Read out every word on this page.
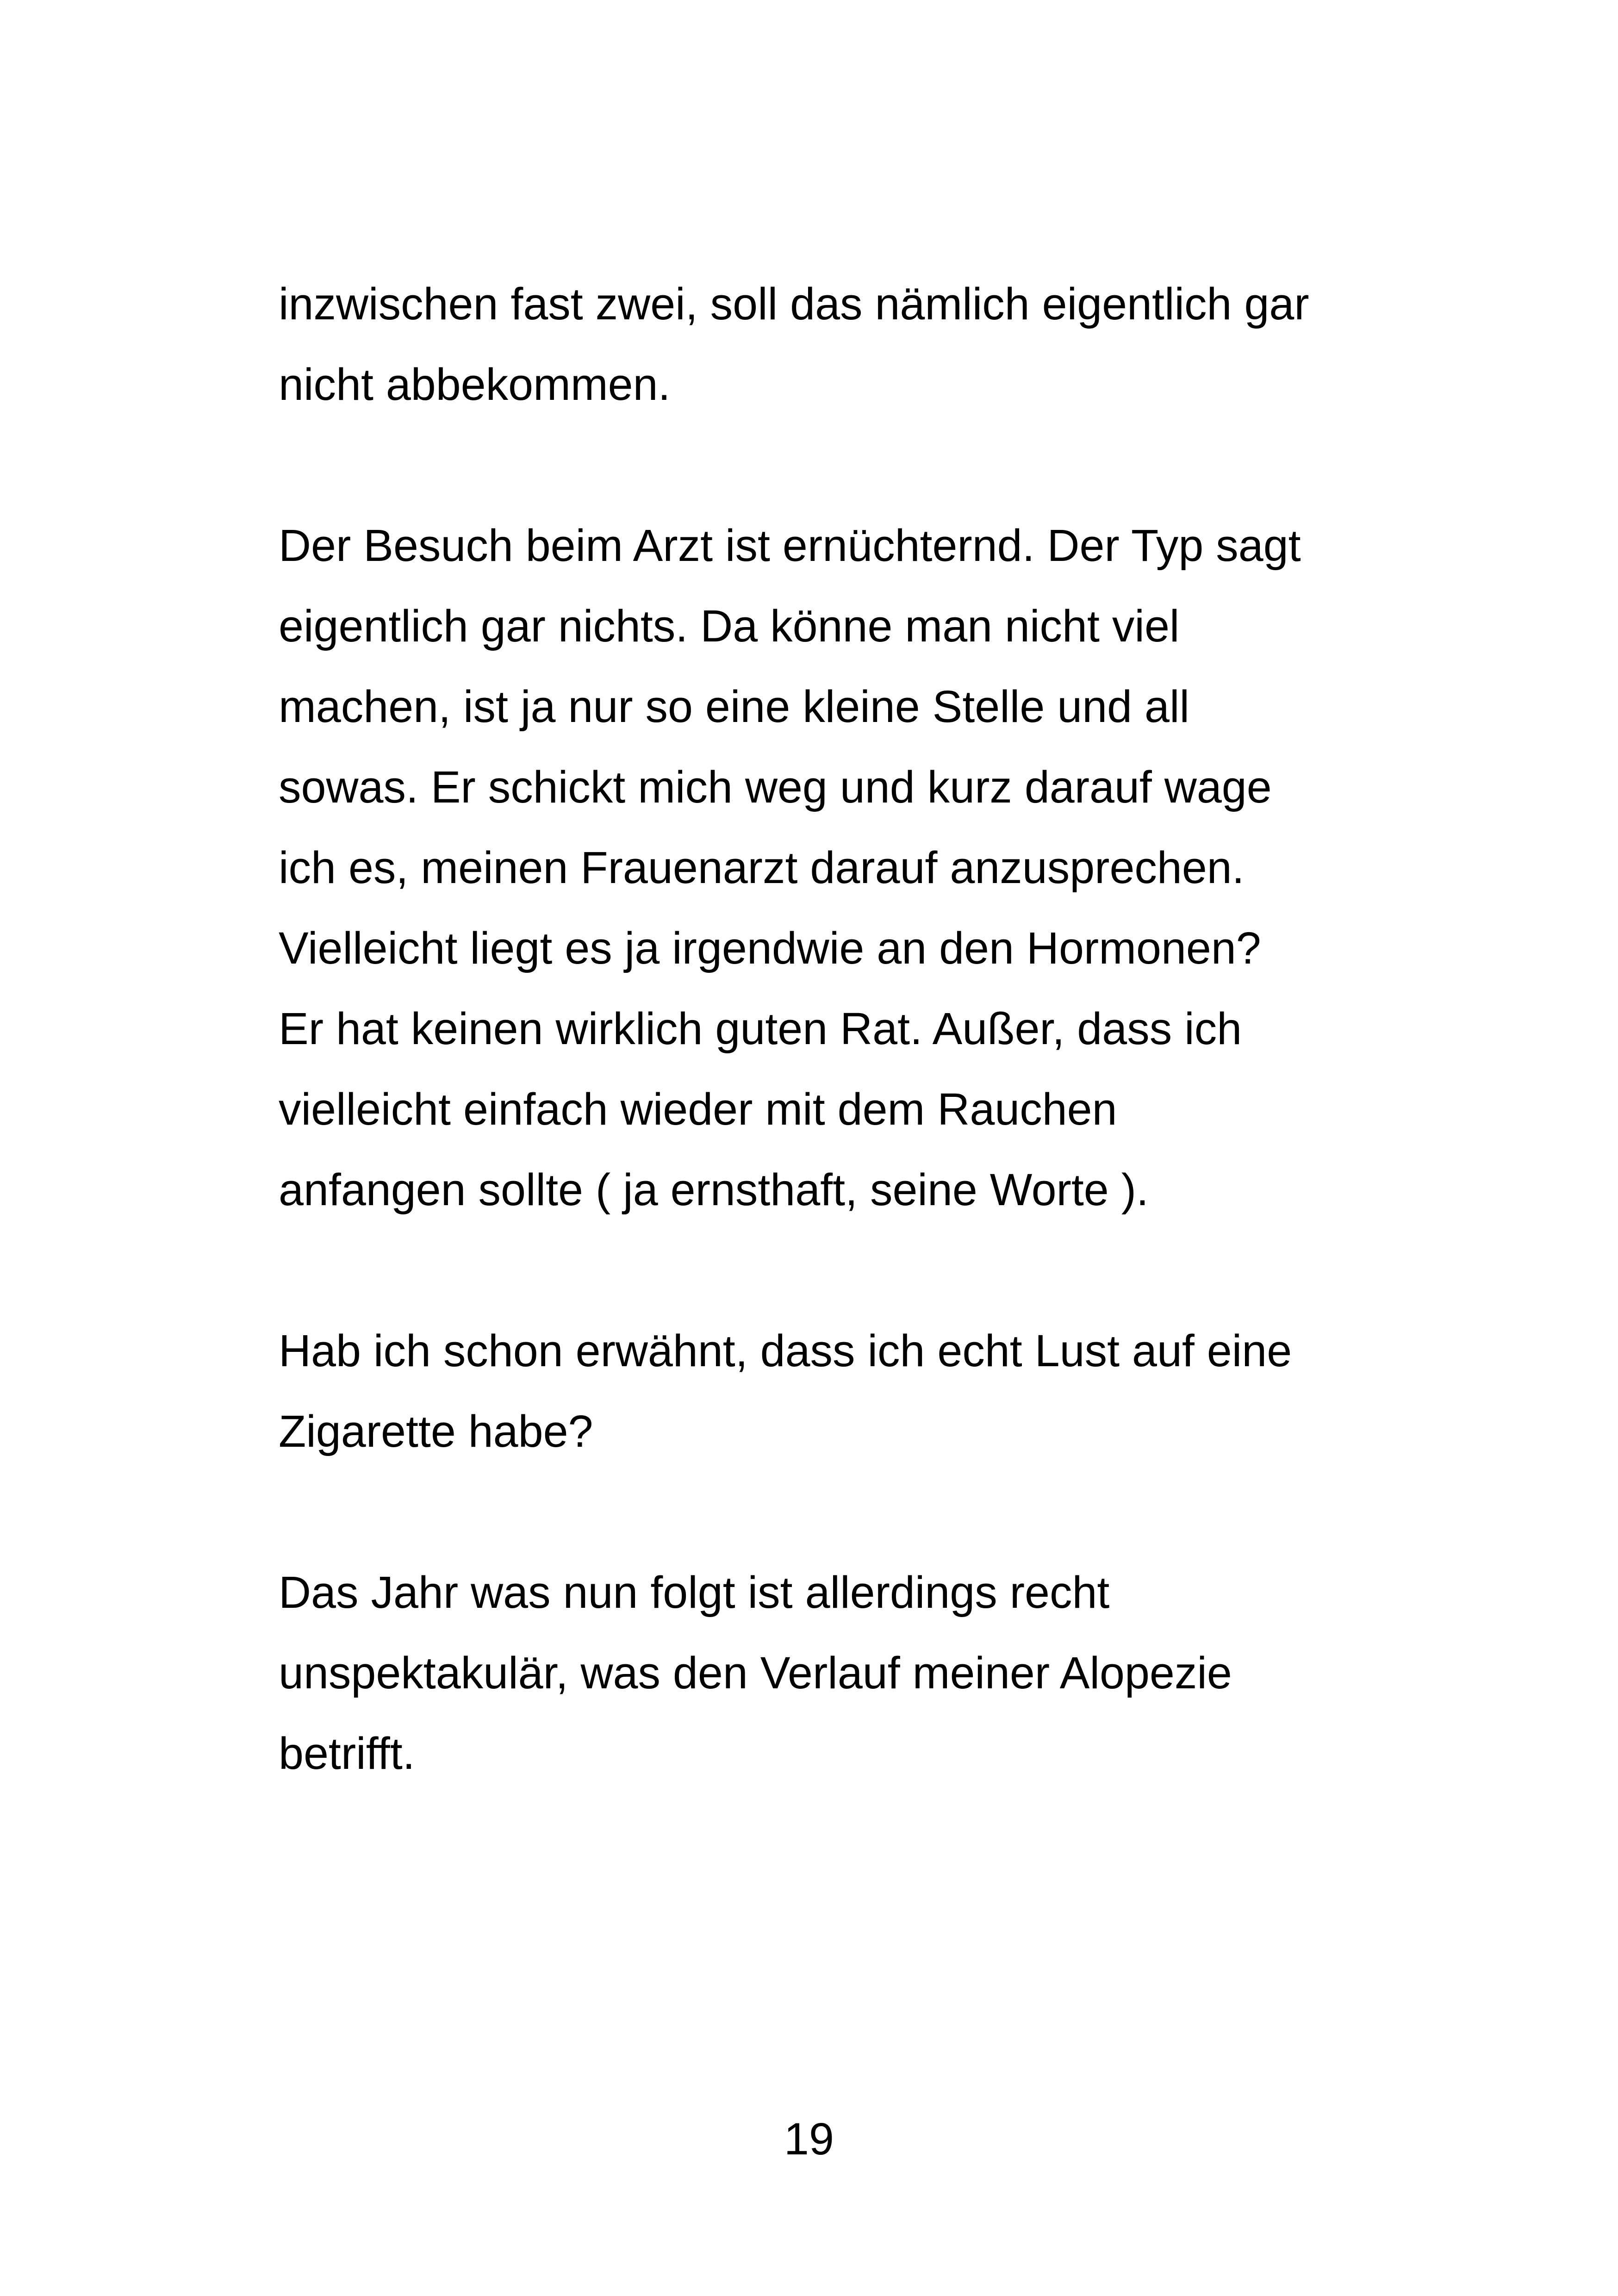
inzwischen fast zwei, soll das nämlich eigentlich gar
nicht abbekommen.

Der Besuch beim Arzt ist ernüchternd. Der Typ sagt
eigentlich gar nichts. Da könne man nicht viel
machen, ist ja nur so eine kleine Stelle und all
sowas. Er schickt mich weg und kurz darauf wage
ich es, meinen Frauenarzt darauf anzusprechen.
Vielleicht liegt es ja irgendwie an den Hormonen?
Er hat keinen wirklich guten Rat. Außer, dass ich
vielleicht einfach wieder mit dem Rauchen
anfangen sollte ( ja ernsthaft, seine Worte ).

Hab ich schon erwähnt, dass ich echt Lust auf eine
Zigarette habe?

Das Jahr was nun folgt ist allerdings recht
unspektakulär, was den Verlauf meiner Alopezie
betrifft.

19
